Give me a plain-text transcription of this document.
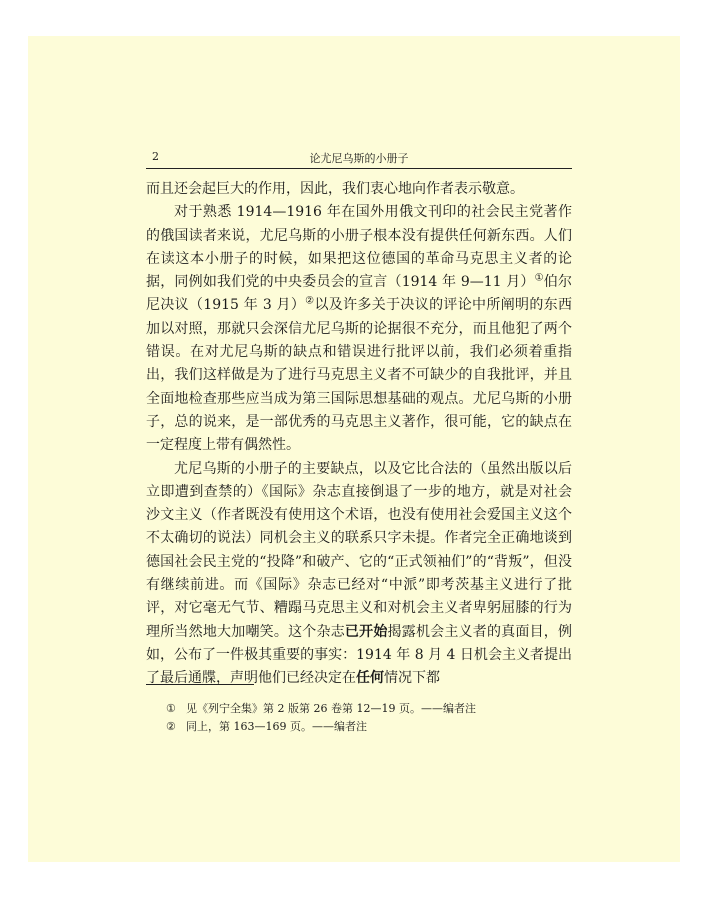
2	论尤尼乌斯的小册子

而且还会起巨大的作用，因此，我们衷心地向作者表示敬意。

对于熟悉 1914—1916 年在国外用俄文刊印的社会民主党著作的俄国读者来说，尤尼乌斯的小册子根本没有提供任何新东西。人们在读这本小册子的时候，如果把这位德国的革命马克思主义者的论据，同例如我们党的中央委员会的宣言（1914 年 9—11 月）①伯尔尼决议（1915 年 3 月）②以及许多关于决议的评论中所阐明的东西加以对照，那就只会深信尤尼乌斯的论据很不充分，而且他犯了两个错误。在对尤尼乌斯的缺点和错误进行批评以前，我们必须着重指出，我们这样做是为了进行马克思主义者不可缺少的自我批评，并且全面地检查那些应当成为第三国际思想基础的观点。尤尼乌斯的小册子，总的说来，是一部优秀的马克思主义著作，很可能，它的缺点在一定程度上带有偶然性。

尤尼乌斯的小册子的主要缺点，以及它比合法的（虽然出版以后立即遭到查禁的）《国际》杂志直接倒退了一步的地方，就是对社会沙文主义（作者既没有使用这个术语，也没有使用社会爱国主义这个不太确切的说法）同机会主义的联系只字未提。作者完全正确地谈到德国社会民主党的“投降”和破产、它的“正式领袖们”的“背叛”，但没有继续前进。而《国际》杂志已经对“中派”即考茨基主义进行了批评，对它毫无气节、糟蹋马克思主义和对机会主义者卑躬屈膝的行为理所当然地大加嘲笑。这个杂志已开始揭露机会主义者的真面目，例如，公布了一件极其重要的事实：1914 年 8 月 4 日机会主义者提出了最后通牒，声明他们已经决定在任何情况下都

① 见《列宁全集》第 2 版第 26 卷第 12—19 页。——编者注
② 同上，第 163—169 页。——编者注
